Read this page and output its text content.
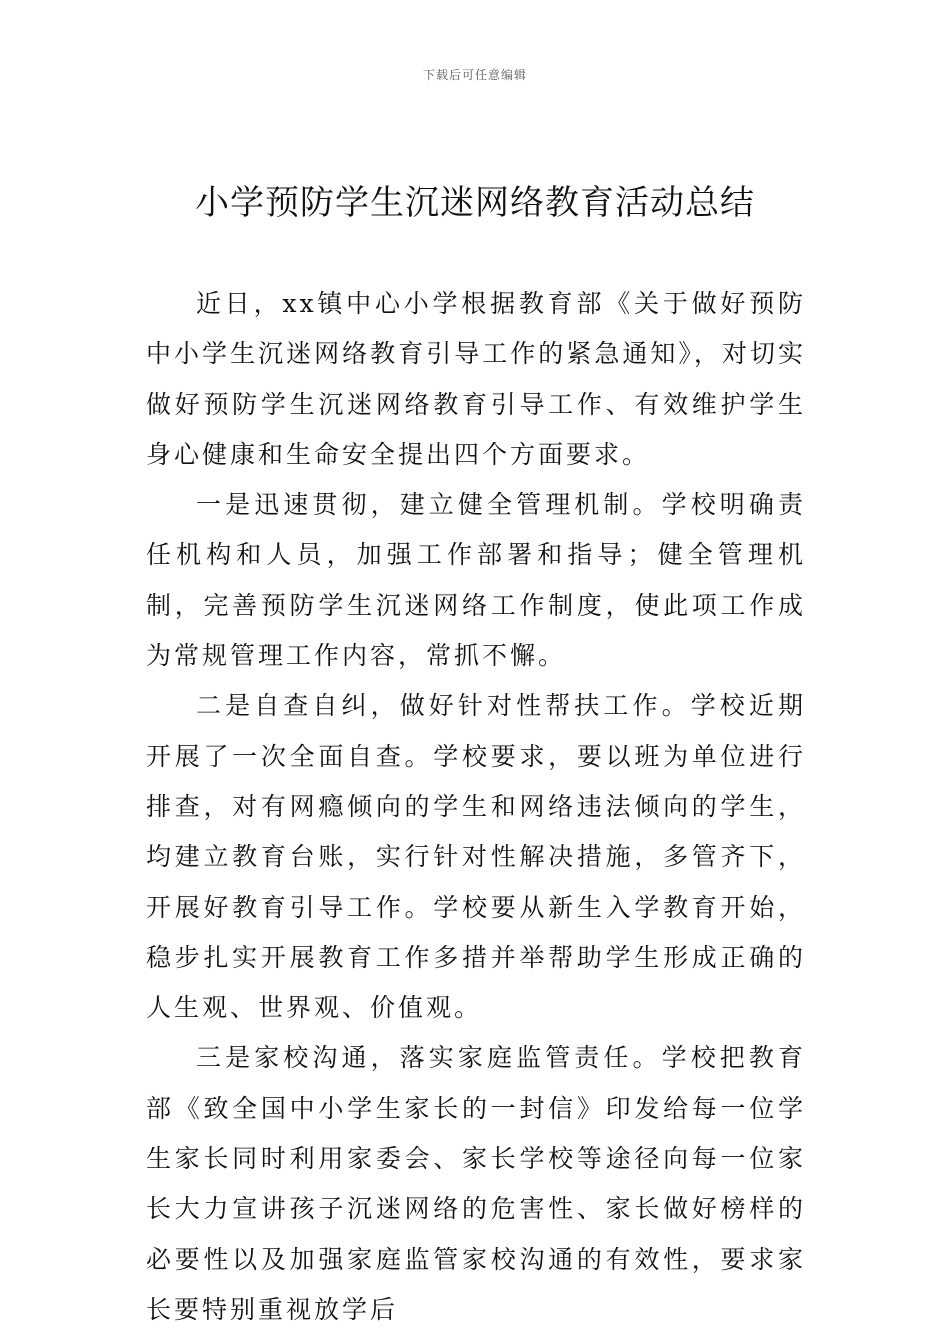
下载后可任意编辑
小学预防学生沉迷网络教育活动总结

近日，xx镇中心小学根据教育部《关于做好预防中小学生沉迷网络教育引导工作的紧急通知》，对切实做好预防学生沉迷网络教育引导工作、有效维护学生身心健康和生命安全提出四个方面要求。

一是迅速贯彻，建立健全管理机制。学校明确责任机构和人员，加强工作部署和指导；健全管理机制，完善预防学生沉迷网络工作制度，使此项工作成为常规管理工作内容，常抓不懈。

二是自查自纠，做好针对性帮扶工作。学校近期开展了一次全面自查。学校要求，要以班为单位进行排查，对有网瘾倾向的学生和网络违法倾向的学生，均建立教育台账，实行针对性解决措施，多管齐下，开展好教育引导工作。学校要从新生入学教育开始，稳步扎实开展教育工作多措并举帮助学生形成正确的人生观、世界观、价值观。

三是家校沟通，落实家庭监管责任。学校把教育部《致全国中小学生家长的一封信》印发给每一位学生家长同时利用家委会、家长学校等途径向每一位家长大力宣讲孩子沉迷网络的危害性、家长做好榜样的必要性以及加强家庭监管家校沟通的有效性，要求家长要特别重视放学后
